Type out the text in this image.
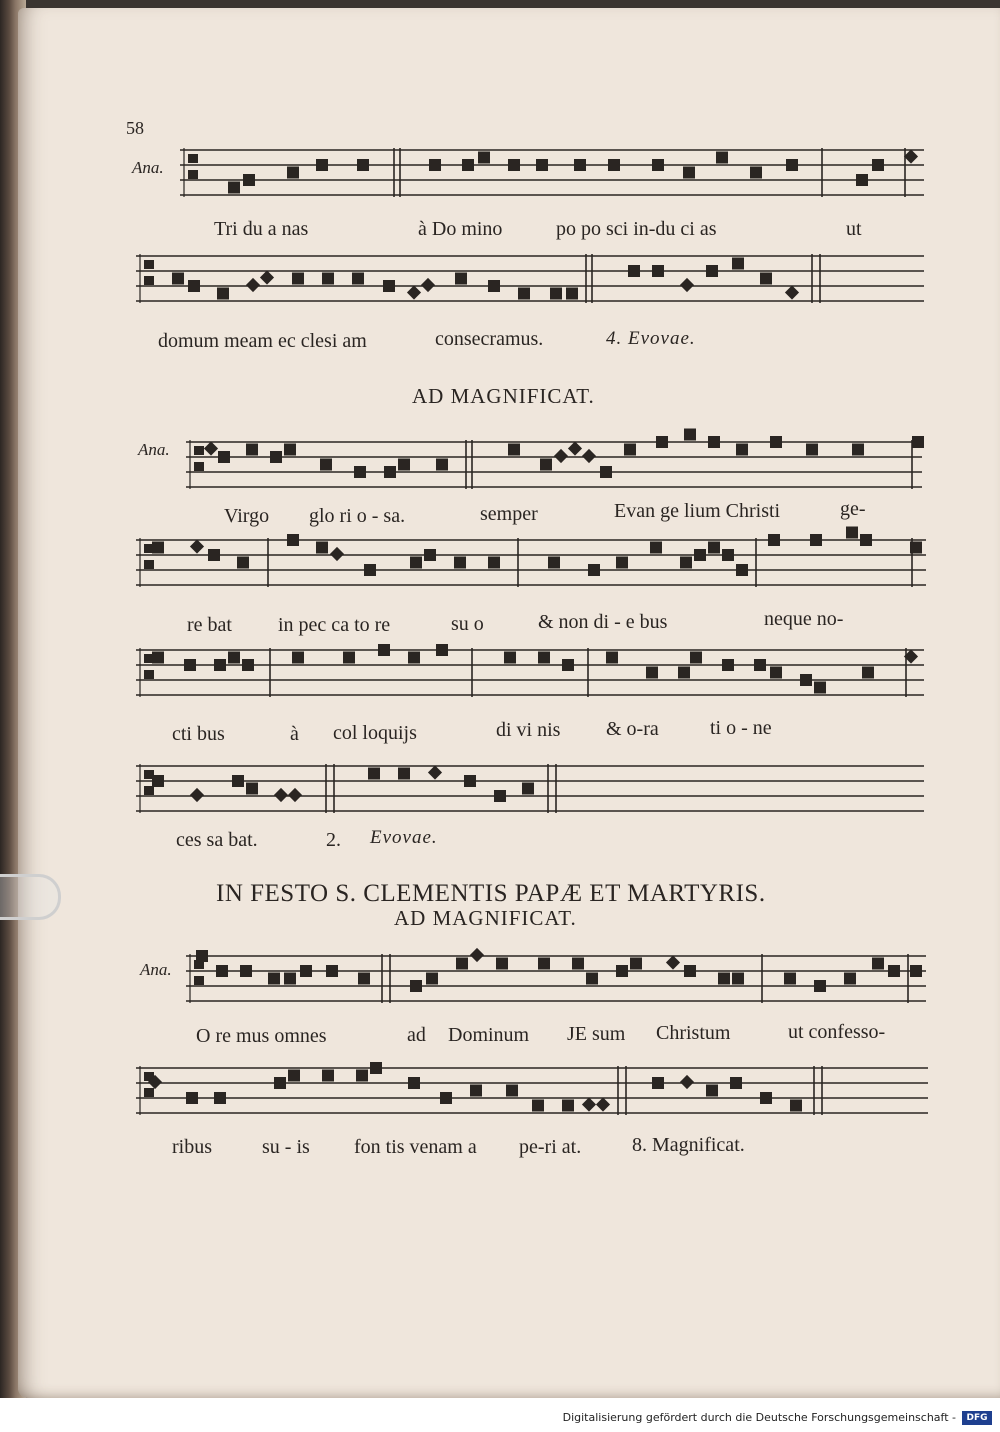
58
Ana.
Tri du a nas	à Do mino	po po sci in-du ci as	ut
domum meam ec clesi am	consecramus.	4. Evovae.
AD MAGNIFICAT.
Ana.
Virgo glo ri o - sa.	semper	Evan ge lium Christi	ge-
re bat in pec ca to re	su o	& non di - e bus	neque no-
cti bus	à col loquijs	di vi nis & o-ra	ti o - ne
ces sa bat.	2. Evovae.
IN FESTO S. CLEMENTIS PAPÆ ET MARTYRIS.
AD MAGNIFICAT.
Ana.
O re mus omnes	ad Dominum JE sum Christum	ut confesso-
ribus	su - is fon tis venam a pe-ri at.	8. Magnificat.
Digitalisierung gefördert durch die Deutsche Forschungsgemeinschaft -	DFG
